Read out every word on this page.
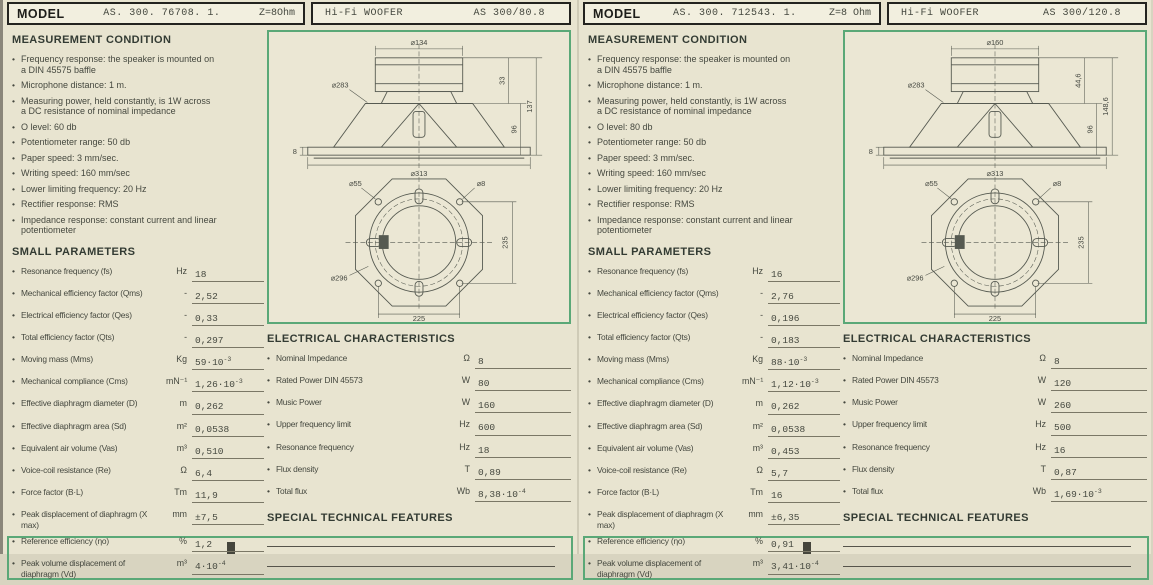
MODEL	AS. 300. 76708. 1.	Z=8Ohm	Hi-Fi WOOFER	AS 300/80.8
MEASUREMENT CONDITION
• Frequency response: the speaker is mounted on a DIN 45575 baffle
• Microphone distance: 1 m.
• Measuring power, held constantly, is 1W across a DC resistance of nominal impedance
• O level: 60 db
• Potentiometer range: 50 db
• Paper speed: 3 mm/sec.
• Writing speed: 160 mm/sec
• Lower limiting frequency: 20 Hz
• Rectifier response: RMS
• Impedance response: constant current and linear potentiometer
SMALL PARAMETERS
• Resonance frequency (fs)	Hz 18
• Mechanical efficiency factor (Qms)	- 2,52
• Electrical efficiency factor (Qes)	- 0,33
• Total efficiency factor (Qts)	- 0,297
• Moving mass (Mms)	Kg $59\cdot 10^{-3}$
• Mechanical compliance (Cms)	mN⁻¹ $1,26\cdot 10^{-3}$
• Effective diaphragm diameter (D)	m 0,262
• Effective diaphragm area (Sd)	m² 0,0538
• Equivalent air volume (Vas)	m³ 0,510
• Voice-coil resistance (Re)	Ω 6,4
• Force factor (B·L)	Tm 11,9
• Peak displacement of diaphragm (X max)
mm ±7,5
• Reference efficiency (ηo)	% 1,2
• Peak volume displacement of diaphragm (Vd)
m³ $4\cdot 10^{-4}$
⌀134
⌀283	33
96
137
8
⌀313
⌀55	⌀8
⌀296
235
225
ELECTRICAL CHARACTERISTICS
• Nominal Impedance	Ω 8
• Rated Power DIN 45573	W 80
• Music Power	W 160
• Upper frequency limit	Hz 600
• Resonance frequency	Hz 18
• Flux density	T 0,89
• Total flux	Wb $8,38\cdot 10^{-4}$
SPECIAL TECHNICAL FEATURES
MODEL	AS. 300. 712543. 1.	Z=8 Ohm	Hi-Fi WOOFER	AS 300/120.8
MEASUREMENT CONDITION
• Frequency response: the speaker is mounted on a DIN 45575 baffle
• Microphone distance: 1 m.
• Measuring power, held constantly, is 1W across a DC resistance of nominal impedance
• O level: 80 db
• Potentiometer range: 50 db
• Paper speed: 3 mm/sec.
• Writing speed: 160 mm/sec
• Lower limiting frequency: 20 Hz
• Rectifier response: RMS
• Impedance response: constant current and linear potentiometer
SMALL PARAMETERS
• Resonance frequency (fs)	Hz 16
• Mechanical efficiency factor (Qms)	- 2,76
• Electrical efficiency factor (Qes)	- 0,196
• Total efficiency factor (Qts)	- 0,183
• Moving mass (Mms)	Kg $88\cdot 10^{-3}$
• Mechanical compliance (Cms)	mN⁻¹ $1,12\cdot 10^{-3}$
• Effective diaphragm diameter (D)	m 0,262
• Effective diaphragm area (Sd)	m² 0,0538
• Equivalent air volume (Vas)	m³ 0,453
• Voice-coil resistance (Re)	Ω 5,7
• Force factor (B·L)	Tm 16
• Peak displacement of diaphragm (X max)
mm ±6,35
• Reference efficiency (ηo)	% 0,91
• Peak volume displacement of diaphragm (Vd)
m³ $3,41\cdot 10^{-4}$
⌀160
⌀283	44,6
96
148,6
8
⌀313
⌀55	⌀8
⌀296
235
225
ELECTRICAL CHARACTERISTICS
• Nominal Impedance	Ω 8
• Rated Power DIN 45573	W 120
• Music Power	W 260
• Upper frequency limit	Hz 500
• Resonance frequency	Hz 16
• Flux density	T 0,87
• Total flux	Wb $1,69\cdot 10^{-3}$
SPECIAL TECHNICAL FEATURES
